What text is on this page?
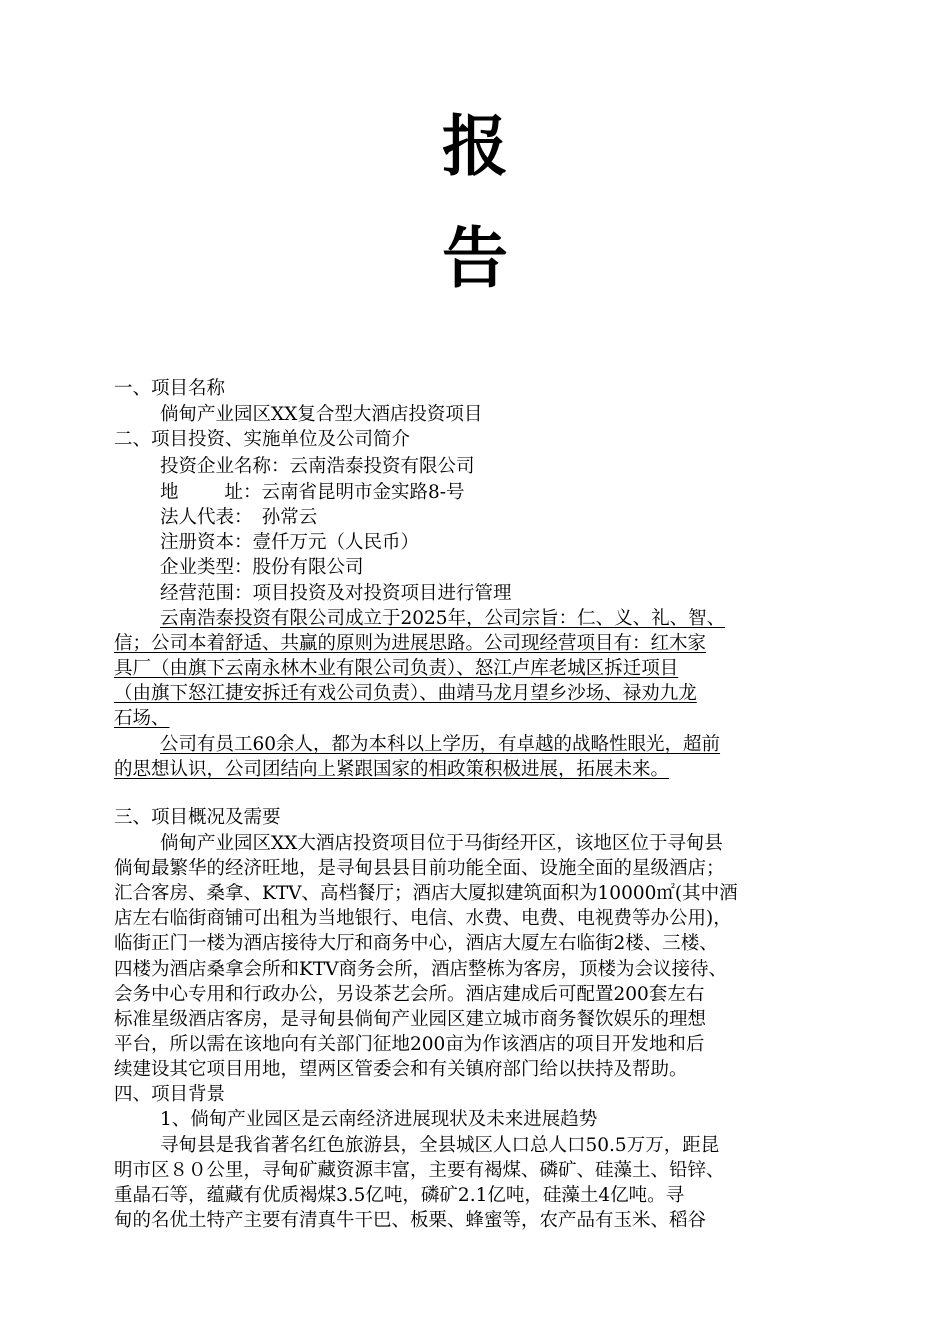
报
告
一、项目名称
倘甸产业园区XX复合型大酒店投资项目
二、项目投资、实施单位及公司简介
投资企业名称：云南浩泰投资有限公司
地 址：云南省昆明市金实路8-号
法人代表：　孙常云
注册资本：壹仟万元（人民币）
企业类型：股份有限公司
经营范围：项目投资及对投资项目进行管理
云南浩泰投资有限公司成立于2025年，公司宗旨：仁、义、礼、智、
信；公司本着舒适、共赢的原则为进展思路。公司现经营项目有：红木家
具厂（由旗下云南永林木业有限公司负责）、怒江卢库老城区拆迁项目
（由旗下怒江捷安拆迁有戏公司负责）、曲靖马龙月望乡沙场、禄劝九龙
石场、
公司有员工60余人，都为本科以上学历，有卓越的战略性眼光，超前
的思想认识，公司团结向上紧跟国家的相政策积极进展，拓展未来。
三、项目概况及需要
倘甸产业园区XX大酒店投资项目位于马街经开区，该地区位于寻甸县
倘甸最繁华的经济旺地，是寻甸县县目前功能全面、设施全面的星级酒店；
汇合客房、桑拿、KTV、高档餐厅；酒店大厦拟建筑面积为10000㎡(其中酒
店左右临街商铺可出租为当地银行、电信、水费、电费、电视费等办公用)，
临街正门一楼为酒店接待大厅和商务中心，酒店大厦左右临街2楼、三楼、
四楼为酒店桑拿会所和KTV商务会所，酒店整栋为客房，顶楼为会议接待、
会务中心专用和行政办公，另设茶艺会所。酒店建成后可配置200套左右
标准星级酒店客房，是寻甸县倘甸产业园区建立城市商务餐饮娱乐的理想
平台，所以需在该地向有关部门征地200亩为作该酒店的项目开发地和后
续建设其它项目用地，望两区管委会和有关镇府部门给以扶持及帮助。
四、项目背景
1、倘甸产业园区是云南经济进展现状及未来进展趋势
寻甸县是我省著名红色旅游县，全县城区人口总人口50.5万万，距昆
明市区８０公里，寻甸矿藏资源丰富，主要有褐煤、磷矿、硅藻土、铅锌、
重晶石等，蕴藏有优质褐煤3.5亿吨，磷矿2.1亿吨，硅藻土4亿吨。寻
甸的名优土特产主要有清真牛干巴、板栗、蜂蜜等，农产品有玉米、稻谷
